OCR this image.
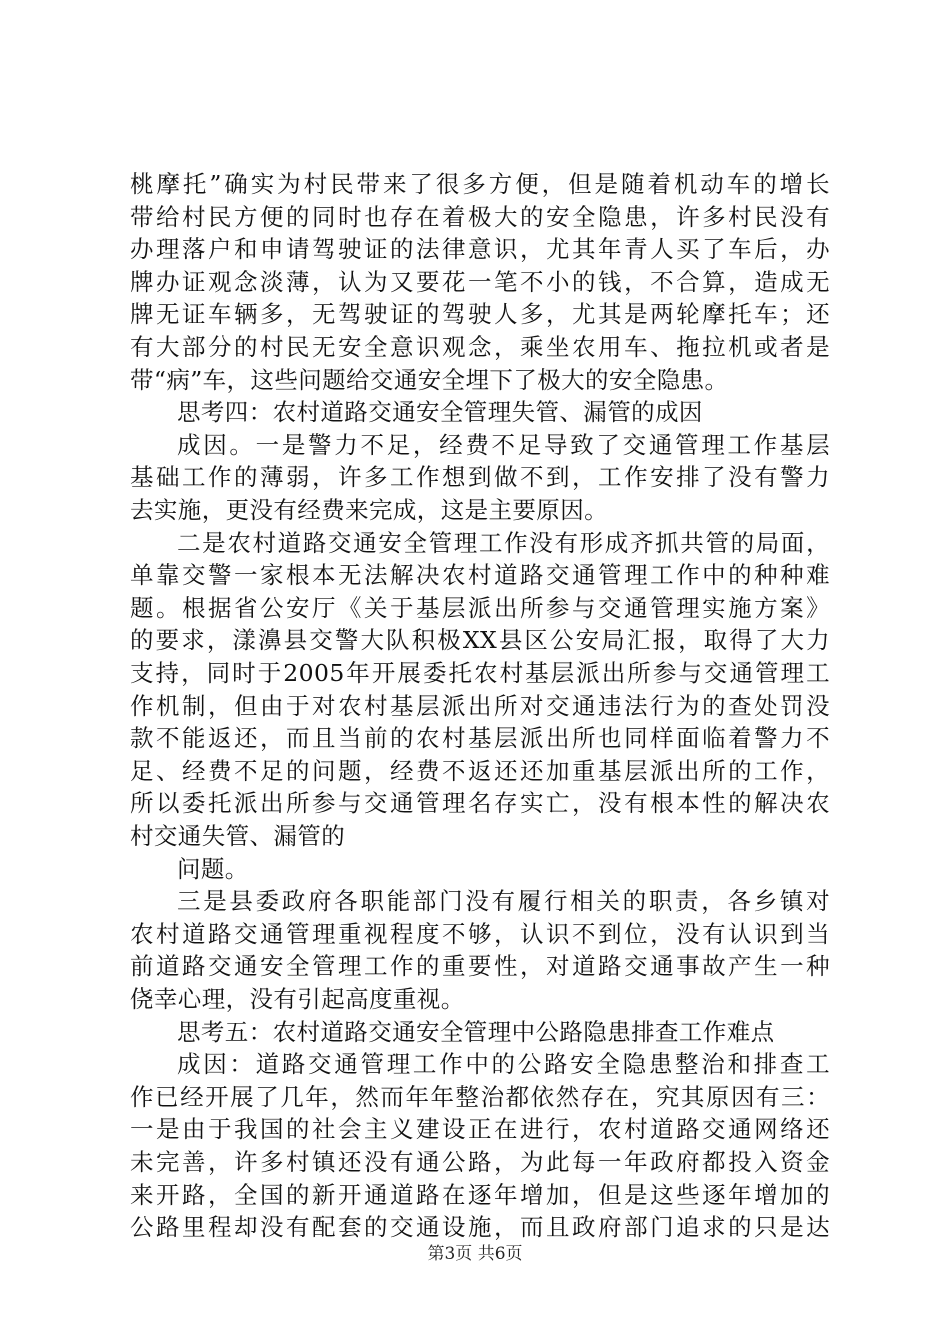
桃摩托”确实为村民带来了很多方便，但是随着机动车的增长
带给村民方便的同时也存在着极大的安全隐患，许多村民没有
办理落户和申请驾驶证的法律意识，尤其年青人买了车后，办
牌办证观念淡薄，认为又要花一笔不小的钱，不合算，造成无
牌无证车辆多，无驾驶证的驾驶人多，尤其是两轮摩托车；还
有大部分的村民无安全意识观念，乘坐农用车、拖拉机或者是
带“病”车，这些问题给交通安全埋下了极大的安全隐患。
思考四：农村道路交通安全管理失管、漏管的成因
成因。一是警力不足，经费不足导致了交通管理工作基层
基础工作的薄弱，许多工作想到做不到，工作安排了没有警力
去实施，更没有经费来完成，这是主要原因。
二是农村道路交通安全管理工作没有形成齐抓共管的局面，
单靠交警一家根本无法解决农村道路交通管理工作中的种种难
题。根据省公安厅《关于基层派出所参与交通管理实施方案》
的要求，漾濞县交警大队积极XX县区公安局汇报，取得了大力
支持，同时于2005年开展委托农村基层派出所参与交通管理工
作机制，但由于对农村基层派出所对交通违法行为的查处罚没
款不能返还，而且当前的农村基层派出所也同样面临着警力不
足、经费不足的问题，经费不返还还加重基层派出所的工作，
所以委托派出所参与交通管理名存实亡，没有根本性的解决农
村交通失管、漏管的
问题。
三是县委政府各职能部门没有履行相关的职责，各乡镇对
农村道路交通管理重视程度不够，认识不到位，没有认识到当
前道路交通安全管理工作的重要性，对道路交通事故产生一种
侥幸心理，没有引起高度重视。
思考五：农村道路交通安全管理中公路隐患排查工作难点
成因：道路交通管理工作中的公路安全隐患整治和排查工
作已经开展了几年，然而年年整治都依然存在，究其原因有三：
一是由于我国的社会主义建设正在进行，农村道路交通网络还
未完善，许多村镇还没有通公路，为此每一年政府都投入资金
来开路，全国的新开通道路在逐年增加，但是这些逐年增加的
公路里程却没有配套的交通设施，而且政府部门追求的只是达
第3页 共6页
